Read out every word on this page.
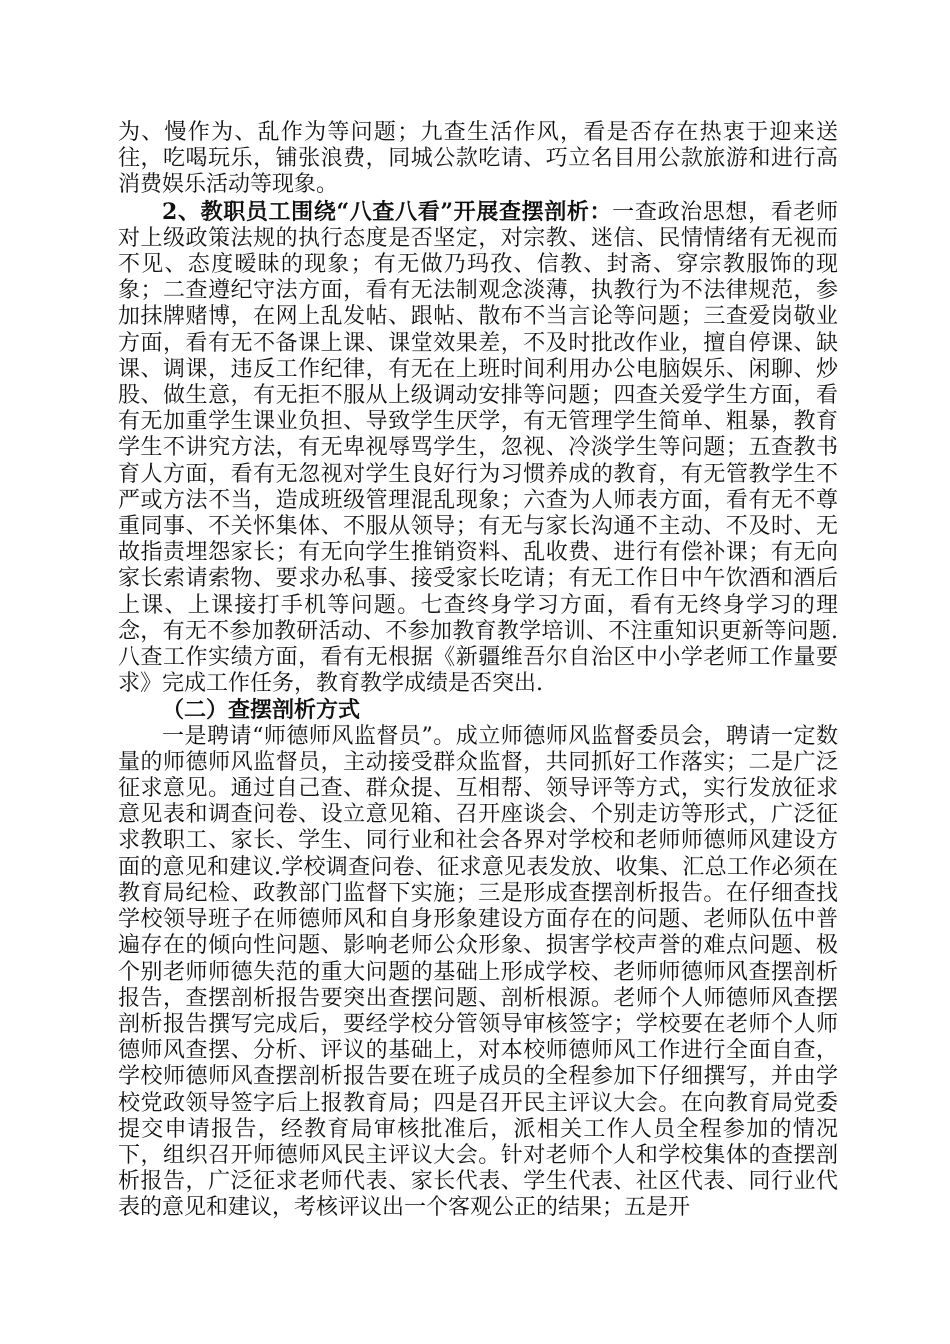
为、慢作为、乱作为等问题；九查生活作风，看是否存在热衷于迎来送往，吃喝玩乐，铺张浪费，同城公款吃请、巧立名目用公款旅游和进行高消费娱乐活动等现象。

2、教职员工围绕“八查八看”开展查摆剖析：一查政治思想，看老师对上级政策法规的执行态度是否坚定，对宗教、迷信、民情情绪有无视而不见、态度暧昧的现象；有无做乃玛孜、信教、封斋、穿宗教服饰的现象；二查遵纪守法方面，看有无法制观念淡薄，执教行为不法律规范，参加抹牌赌博，在网上乱发帖、跟帖、散布不当言论等问题；三查爱岗敬业方面，看有无不备课上课、课堂效果差，不及时批改作业，擅自停课、缺课、调课，违反工作纪律，有无在上班时间利用办公电脑娱乐、闲聊、炒股、做生意，有无拒不服从上级调动安排等问题；四查关爱学生方面，看有无加重学生课业负担、导致学生厌学，有无管理学生简单、粗暴，教育学生不讲究方法，有无卑视辱骂学生，忽视、冷淡学生等问题；五查教书育人方面，看有无忽视对学生良好行为习惯养成的教育，有无管教学生不严或方法不当，造成班级管理混乱现象；六查为人师表方面，看有无不尊重同事、不关怀集体、不服从领导；有无与家长沟通不主动、不及时、无故指责埋怨家长；有无向学生推销资料、乱收费、进行有偿补课；有无向家长索请索物、要求办私事、接受家长吃请；有无工作日中午饮酒和酒后上课、上课接打手机等问题。七查终身学习方面，看有无终身学习的理念，有无不参加教研活动、不参加教育教学培训、不注重知识更新等问题.八查工作实绩方面，看有无根据《新疆维吾尔自治区中小学老师工作量要求》完成工作任务，教育教学成绩是否突出.

（二）查摆剖析方式

一是聘请“师德师风监督员”。成立师德师风监督委员会，聘请一定数量的师德师风监督员，主动接受群众监督，共同抓好工作落实；二是广泛征求意见。通过自己查、群众提、互相帮、领导评等方式，实行发放征求意见表和调查问卷、设立意见箱、召开座谈会、个别走访等形式，广泛征求教职工、家长、学生、同行业和社会各界对学校和老师师德师风建设方面的意见和建议.学校调查问卷、征求意见表发放、收集、汇总工作必须在教育局纪检、政教部门监督下实施；三是形成查摆剖析报告。在仔细查找学校领导班子在师德师风和自身形象建设方面存在的问题、老师队伍中普遍存在的倾向性问题、影响老师公众形象、损害学校声誉的难点问题、极个别老师师德失范的重大问题的基础上形成学校、老师师德师风查摆剖析报告，查摆剖析报告要突出查摆问题、剖析根源。老师个人师德师风查摆剖析报告撰写完成后，要经学校分管领导审核签字；学校要在老师个人师德师风查摆、分析、评议的基础上，对本校师德师风工作进行全面自查，学校师德师风查摆剖析报告要在班子成员的全程参加下仔细撰写，并由学校党政领导签字后上报教育局；四是召开民主评议大会。在向教育局党委提交申请报告，经教育局审核批准后，派相关工作人员全程参加的情况下，组织召开师德师风民主评议大会。针对老师个人和学校集体的查摆剖析报告，广泛征求老师代表、家长代表、学生代表、社区代表、同行业代表的意见和建议，考核评议出一个客观公正的结果；五是开
